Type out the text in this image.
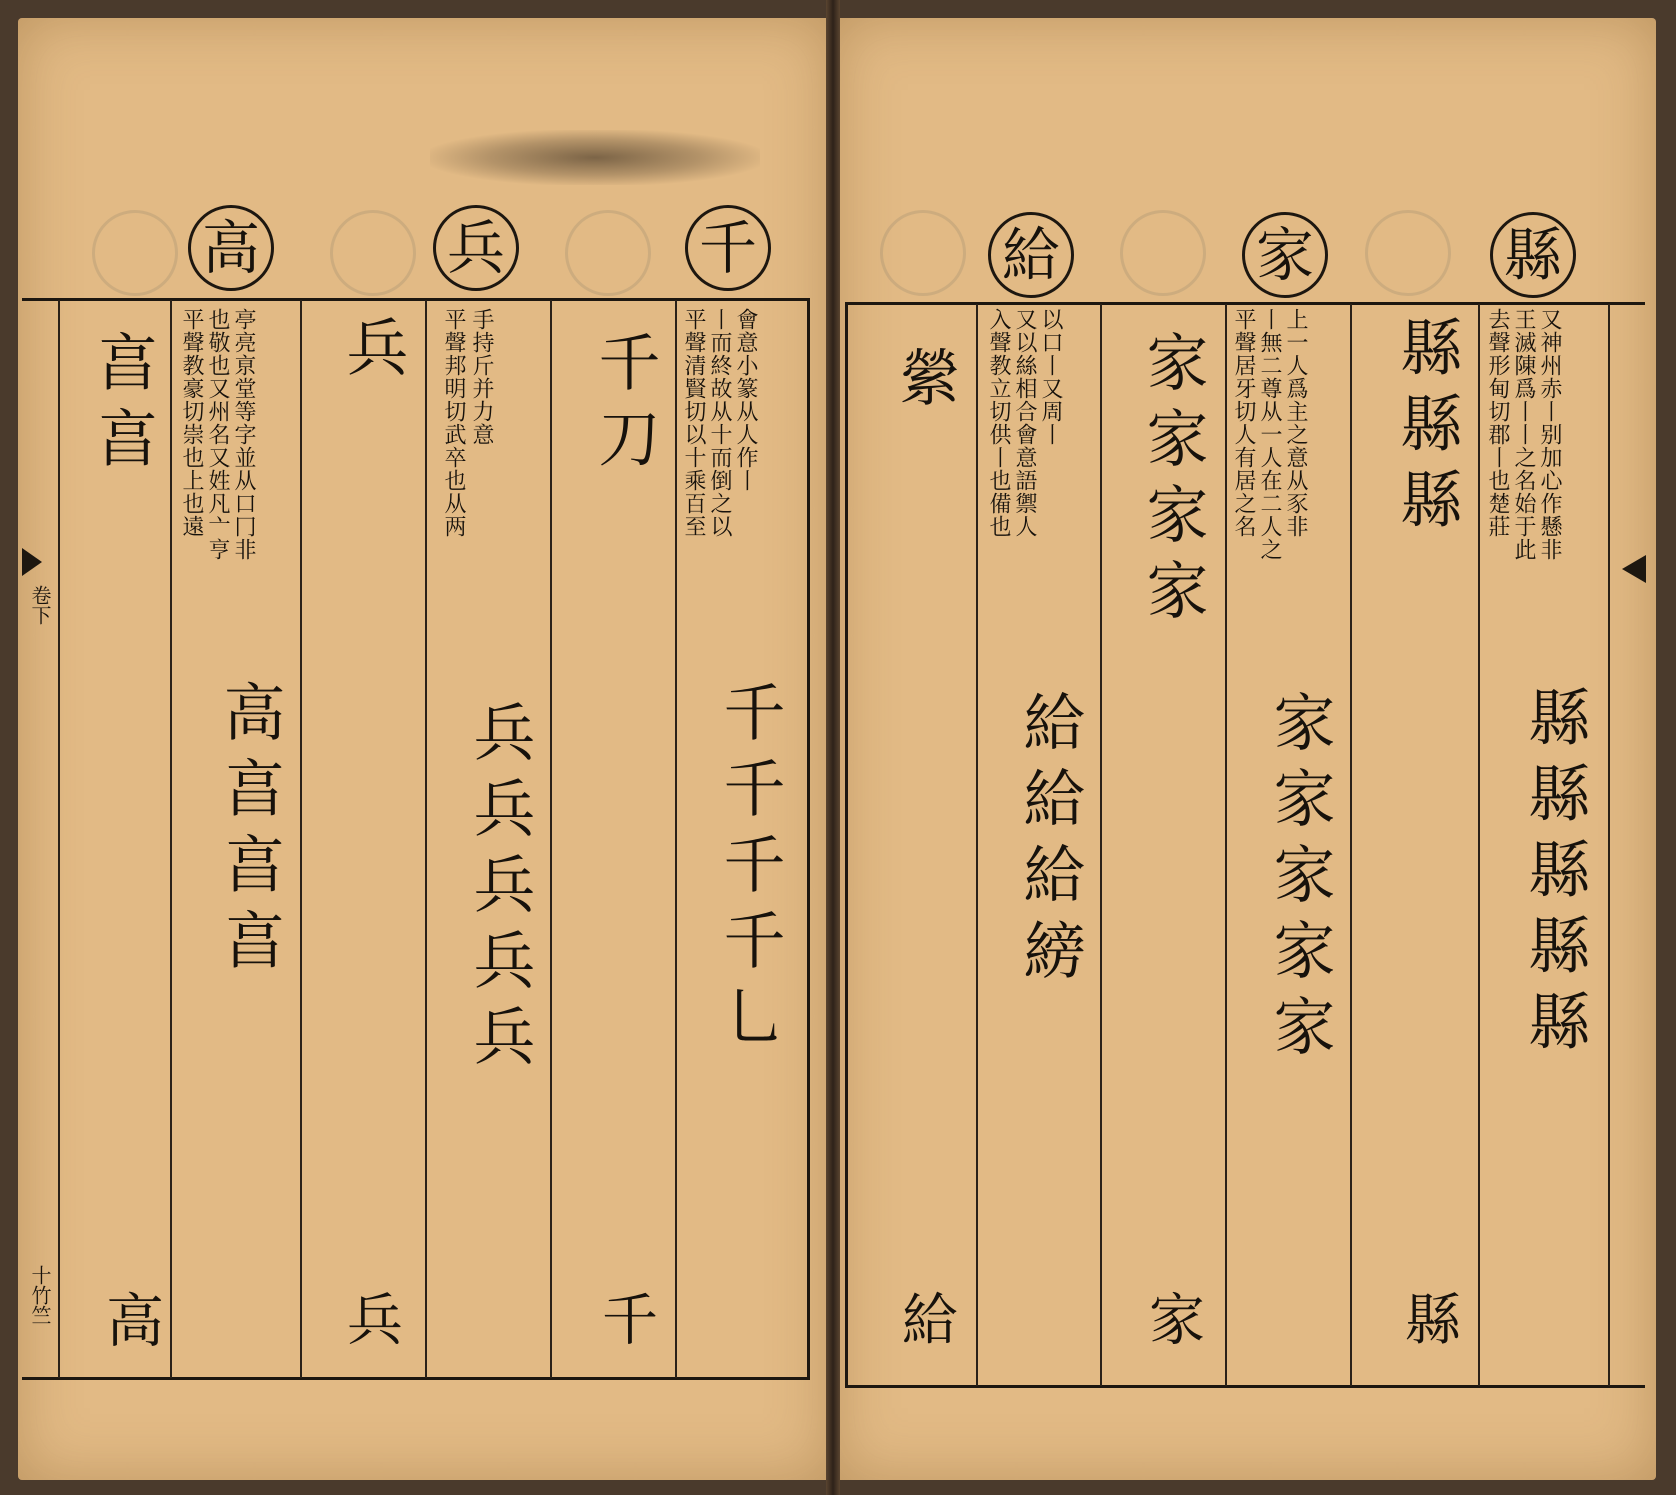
高	兵	千
卷下
十竹竺
亯亯
高
平聲教豪切崇也上也遠 也敬也又州名又姓凡亠亨 亭亮亰堂等字並从口冂非
高亯亯亯
兵
兵
平聲邦明切武卒也从两 手持斤并力意
兵兵兵兵兵
千刀
千
平聲清賢切以十乘百至 丨而終故从十而倒之以 會意小篆从人作丨
千千千千乚
給	家	縣
縈
給
入聲教立切供丨也備也 又以絲相合會意語禦人 以口丨又周丨
給給給縍
家家家家
家
平聲居牙切人有居之名 丨無二尊从一人在二人之 上一人爲主之意从豕非
家家家家家
縣縣縣
縣
去聲形甸切郡丨也楚莊 王滅陳爲丨丨之名始于此 又神州赤丨别加心作懸非
縣縣縣縣縣
